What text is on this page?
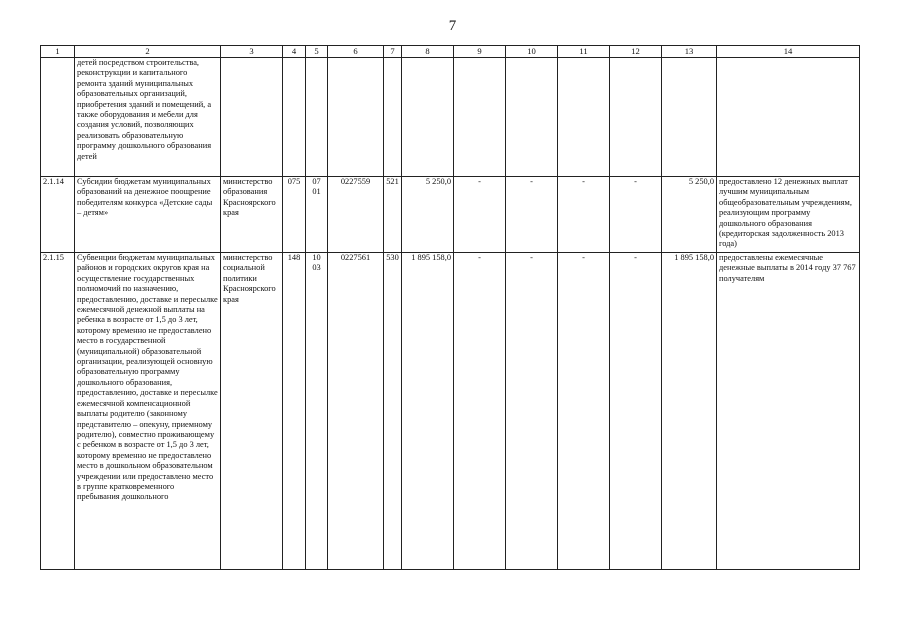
7
1	2	3	4	5	6	7	8	9	10	11	12	13	14
	детей посредством строительства, реконструкции и капитального ремонта зданий муниципальных образовательных организаций, приобретения зданий и помещений, а также оборудования и мебели для создания условий, позволяющих реализовать образовательную программу дошкольного образования детей												
2.1.14	Субсидии бюджетам муниципальных образований на денежное поощрение победителям конкурса «Детские сады – детям»	министерство образования Красноярского края	075	07 01	0227559	521	5 250,0	-	-	-	-	5 250,0	предоставлено 12 денежных выплат лучшим муниципальным общеобразовательным учреждениям, реализующим программу дошкольного образования (кредиторская задолженность 2013 года)
2.1.15	Субвенции бюджетам муниципальных районов и городских округов края на осуществление государственных полномочий по назначению, предоставлению, доставке и пересылке ежемесячной денежной выплаты на ребенка в возрасте от 1,5 до 3 лет, которому временно не предоставлено место в государственной (муниципальной) образовательной организации, реализующей основную образовательную программу дошкольного образования, предоставлению, доставке и пересылке ежемесячной компенсационной выплаты родителю (законному представителю – опекуну, приемному родителю), совместно проживающему с ребенком в возрасте от 1,5 до 3 лет, которому временно не предоставлено место в дошкольном образовательном учреждении или предоставлено место в группе кратковременного пребывания дошкольного	министерство социальной политики Красноярского края	148	10 03	0227561	530	1 895 158,0	-	-	-	-	1 895 158,0	предоставлены ежемесячные денежные выплаты в 2014 году 37 767 получателям
